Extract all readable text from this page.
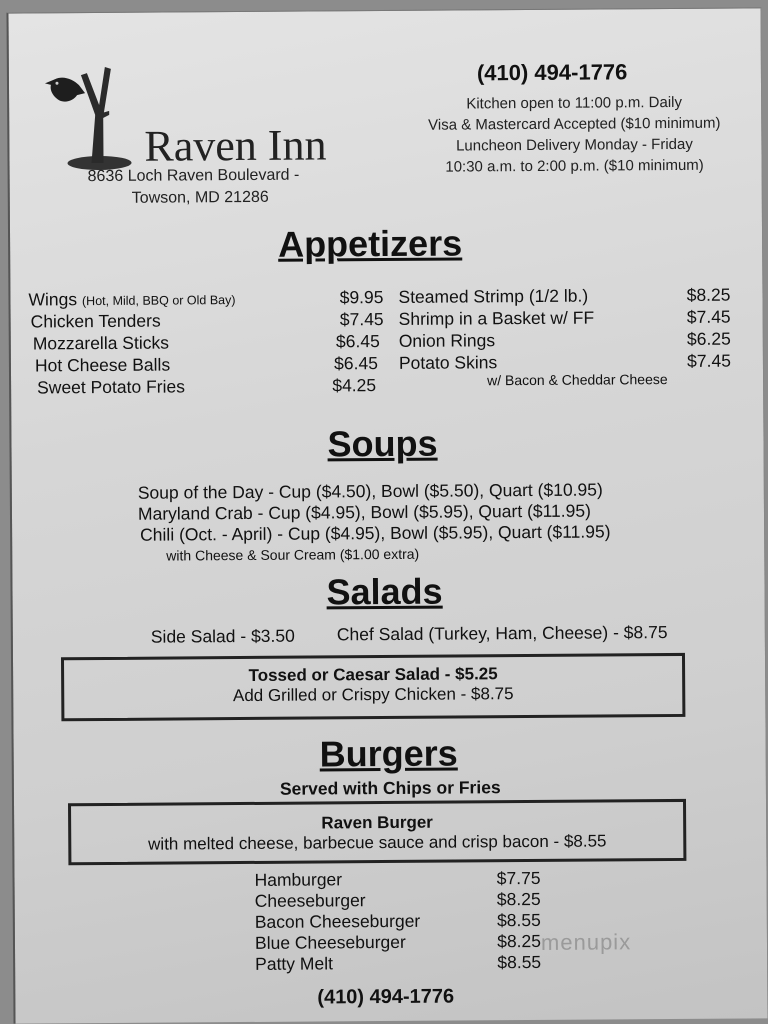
Raven Inn
8636 Loch Raven Boulevard -
Towson, MD 21286
(410) 494-1776
Kitchen open to 11:00 p.m. Daily
Visa & Mastercard Accepted ($10 minimum)
Luncheon Delivery Monday - Friday
10:30 a.m. to 2:00 p.m. ($10 minimum)
Appetizers
Wings (Hot, Mild, BBQ or Old Bay)	$9.95
Chicken Tenders	$7.45
Mozzarella Sticks	$6.45
Hot Cheese Balls	$6.45
Sweet Potato Fries	$4.25
Steamed Strimp (1/2 lb.)	$8.25
Shrimp in a Basket w/ FF	$7.45
Onion Rings	$6.25
Potato Skins	$7.45
w/ Bacon & Cheddar Cheese
Soups
Soup of the Day - Cup ($4.50), Bowl ($5.50), Quart ($10.95)
Maryland Crab - Cup ($4.95), Bowl ($5.95), Quart ($11.95)
Chili (Oct. - April) - Cup ($4.95), Bowl ($5.95), Quart ($11.95)
with Cheese & Sour Cream ($1.00 extra)
Salads
Side Salad - $3.50 Chef Salad (Turkey, Ham, Cheese) - $8.75
Tossed or Caesar Salad - $5.25
Add Grilled or Crispy Chicken - $8.75
Burgers
Served with Chips or Fries
Raven Burger
with melted cheese, barbecue sauce and crisp bacon - $8.55
Hamburger	$7.75
Cheeseburger	$8.25
Bacon Cheeseburger	$8.55
Blue Cheeseburger	$8.25
Patty Melt	$8.55
menupix
(410) 494-1776
